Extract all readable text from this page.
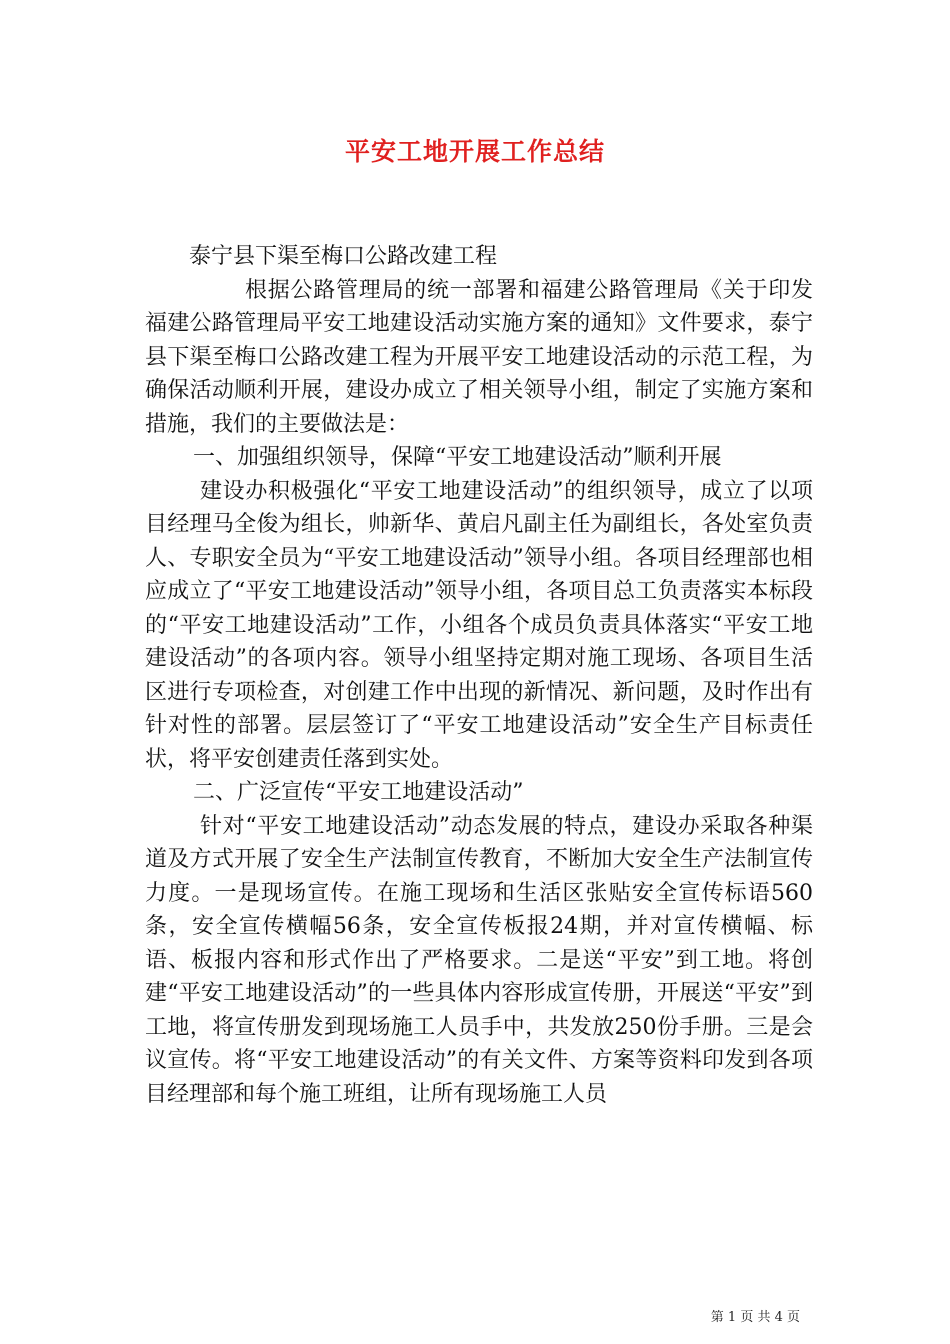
平安工地开展工作总结

泰宁县下渠至梅口公路改建工程

根据公路管理局的统一部署和福建公路管理局《关于印发福建公路管理局平安工地建设活动实施方案的通知》文件要求，泰宁县下渠至梅口公路改建工程为开展平安工地建设活动的示范工程，为确保活动顺利开展，建设办成立了相关领导小组，制定了实施方案和措施，我们的主要做法是：

一、加强组织领导，保障“平安工地建设活动”顺利开展

建设办积极强化“平安工地建设活动”的组织领导，成立了以项目经理马全俊为组长，帅新华、黄启凡副主任为副组长，各处室负责人、专职安全员为“平安工地建设活动”领导小组。各项目经理部也相应成立了“平安工地建设活动”领导小组，各项目总工负责落实本标段的“平安工地建设活动”工作，小组各个成员负责具体落实“平安工地建设活动”的各项内容。领导小组坚持定期对施工现场、各项目生活区进行专项检查，对创建工作中出现的新情况、新问题，及时作出有针对性的部署。层层签订了“平安工地建设活动”安全生产目标责任状，将平安创建责任落到实处。

二、广泛宣传“平安工地建设活动”

针对“平安工地建设活动”动态发展的特点，建设办采取各种渠道及方式开展了安全生产法制宣传教育，不断加大安全生产法制宣传力度。一是现场宣传。在施工现场和生活区张贴安全宣传标语560条，安全宣传横幅56条，安全宣传板报24期，并对宣传横幅、标语、板报内容和形式作出了严格要求。二是送“平安”到工地。将创建“平安工地建设活动”的一些具体内容形成宣传册，开展送“平安”到工地，将宣传册发到现场施工人员手中，共发放250份手册。三是会议宣传。将“平安工地建设活动”的有关文件、方案等资料印发到各项目经理部和每个施工班组，让所有现场施工人员

第 1 页 共 4 页
